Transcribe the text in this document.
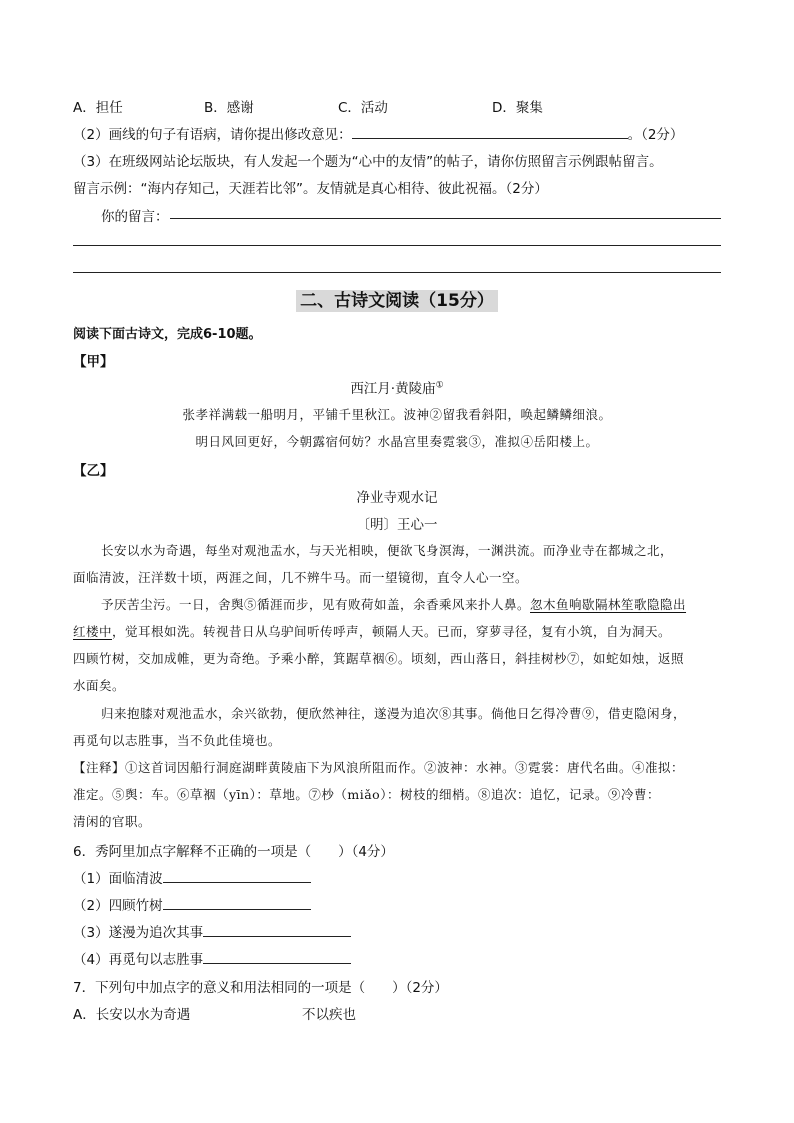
A．担任	B．感谢	C．活动	D．聚集
（2）画线的句子有语病，请你提出修改意见：	。（2分）
（3）在班级网站论坛版块，有人发起一个题为“心中的友情”的帖子，请你仿照留言示例跟帖留言。
留言示例：“海内存知己，天涯若比邻”。友情就是真心相待、彼此祝福。（2分）
你的留言：
二、古诗文阅读（15分）
阅读下面古诗文，完成6-10题。
【甲】
西江月·黄陵庙①
张孝祥满载一船明月，平铺千里秋江。波神②留我看斜阳，唤起鳞鳞细浪。
明日风回更好，今朝露宿何妨？水晶宫里奏霓裳③，准拟④岳阳楼上。
【乙】
净业寺观水记
〔明〕王心一
长安以水为奇遇，每坐对观池盂水，与天光相映，便欲飞身溟海，一渊洪流。而净业寺在都城之北，
面临清波，汪洋数十顷，两涯之间，几不辨牛马。而一望镜彻，直令人心一空。
予厌苦尘污。一日，舍舆⑤循涯而步，见有败荷如盖，余香乘风来扑人鼻。忽木鱼响歇隔林笙歌隐隐出
红楼中，觉耳根如洗。转视昔日从乌驴间听传呼声，顿隔人天。已而，穿萝寻径，复有小筑，自为洞天。
四顾竹树，交加成帷，更为奇绝。予乘小醉，箕踞草裀⑥。顷刻，西山落日，斜挂树杪⑦，如蛇如烛，返照
水面矣。
归来抱膝对观池盂水，余兴欲勃，便欣然神往，遂漫为追次⑧其事。倘他日乞得冷曹⑨，借吏隐闲身，
再觅句以志胜事，当不负此佳境也。
【注释】①这首词因船行洞庭湖畔黄陵庙下为风浪所阻而作。②波神：水神。③霓裳：唐代名曲。④准拟：
准定。⑤舆：车。⑥草裀（yīn）：草地。⑦杪（miǎo）：树枝的细梢。⑧追次：追忆，记录。⑨冷曹：
清闲的官职。
6．秀阿里加点字解释不正确的一项是（　　）（4分）
（1）面临清波
（2）四顾竹树
（3）遂漫为追次其事
（4）再觅句以志胜事
7．下列句中加点字的意义和用法相同的一项是（　　）（2分）
A．长安以水为奇遇	不以疾也
